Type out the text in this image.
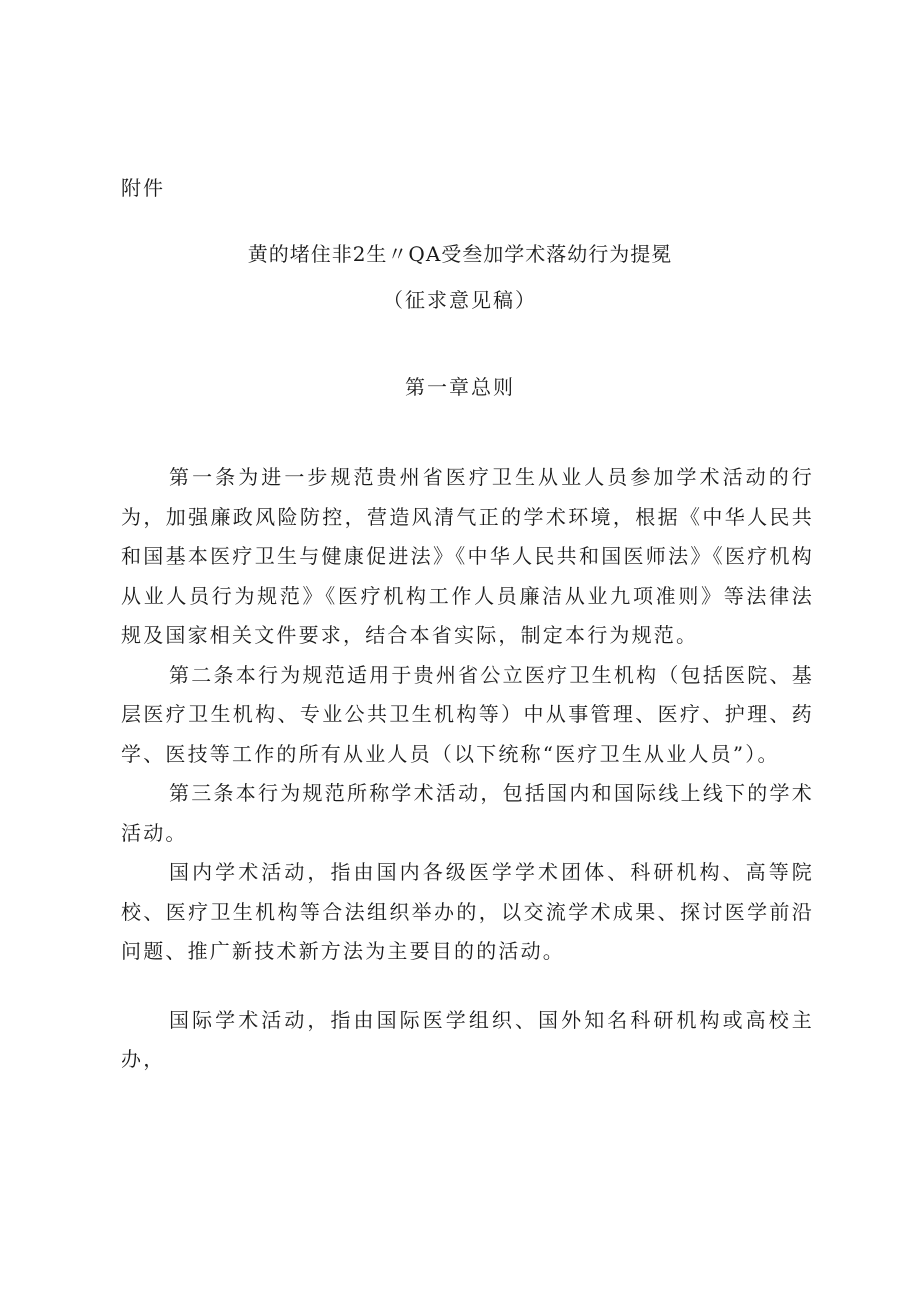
附件
黄的堵住非2生〃QA受叁加学术落幼行为提冕
（征求意见稿）
第一章总则

第一条为进一步规范贵州省医疗卫生从业人员参加学术活动的行为，加强廉政风险防控，营造风清气正的学术环境，根据《中华人民共和国基本医疗卫生与健康促进法》《中华人民共和国医师法》《医疗机构从业人员行为规范》《医疗机构工作人员廉洁从业九项准则》等法律法规及国家相关文件要求，结合本省实际，制定本行为规范。

第二条本行为规范适用于贵州省公立医疗卫生机构（包括医院、基层医疗卫生机构、专业公共卫生机构等）中从事管理、医疗、护理、药学、医技等工作的所有从业人员（以下统称“医疗卫生从业人员”）。

第三条本行为规范所称学术活动，包括国内和国际线上线下的学术活动。

国内学术活动，指由国内各级医学学术团体、科研机构、高等院校、医疗卫生机构等合法组织举办的，以交流学术成果、探讨医学前沿问题、推广新技术新方法为主要目的的活动。

国际学术活动，指由国际医学组织、国外知名科研机构或高校主办，
